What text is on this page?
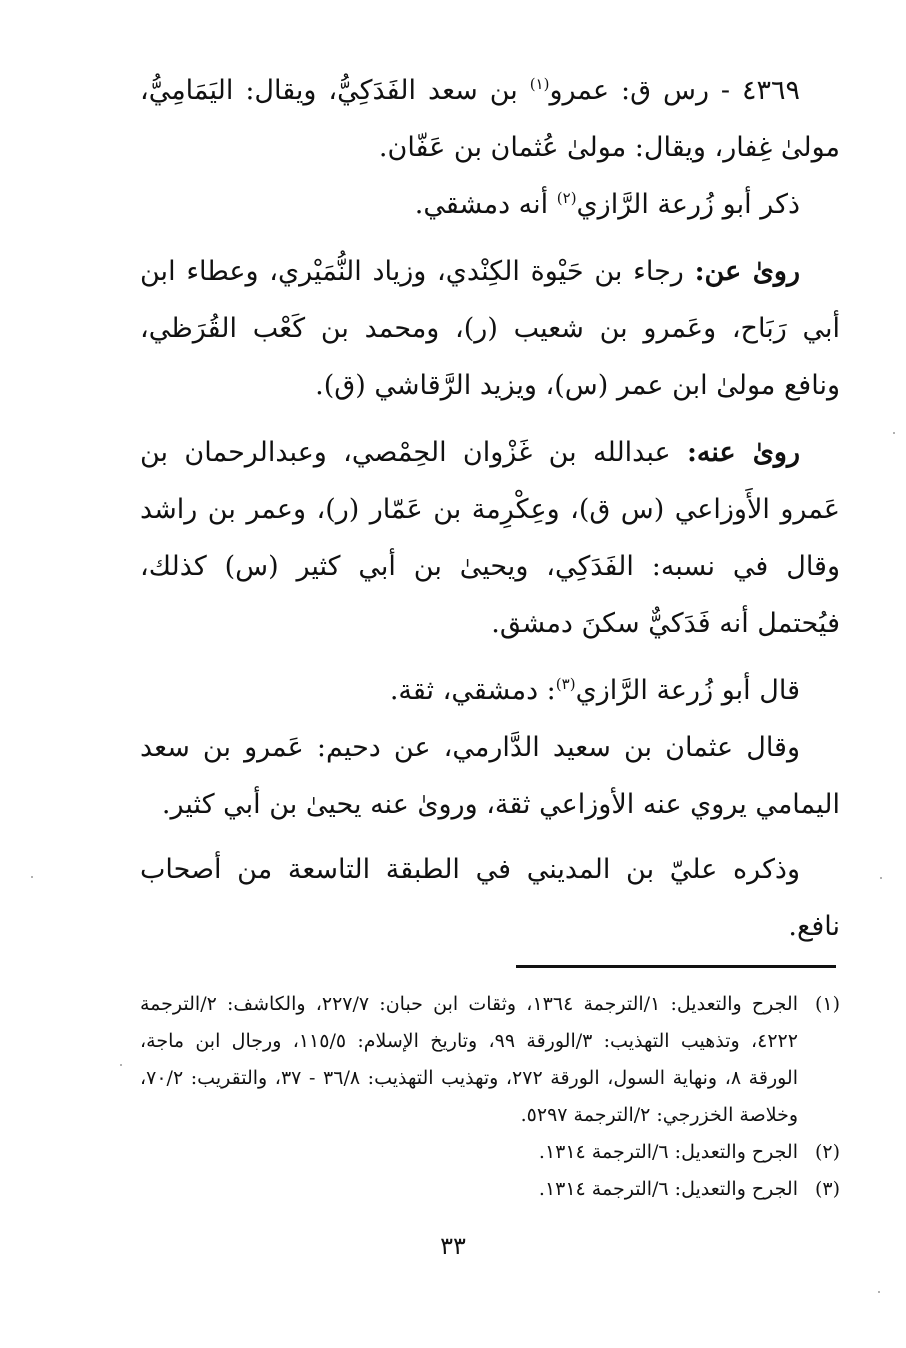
٤٣٦٩ - رس ق: عمرو$^{(١)}$ بن سعد الفَدَكِيُّ، ويقال: اليَمَامِيُّ، مولىٰ غِفار، ويقال: مولىٰ عُثمان بن عَفّان.

ذكر أبو زُرعة الرَّازي$^{(٢)}$ أنه دمشقي.

روىٰ عن: رجاء بن حَيْوة الكِنْدي، وزياد النُّمَيْري، وعطاء ابن أبي رَبَاح، وعَمرو بن شعيب (ر)، ومحمد بن كَعْب القُرَظي، ونافع مولىٰ ابن عمر (س)، ويزيد الرَّقاشي (ق).

روىٰ عنه: عبدالله بن غَزْوان الحِمْصي، وعبدالرحمان بن عَمرو الأَوزاعي (س ق)، وعِكْرِمة بن عَمّار (ر)، وعمر بن راشد وقال في نسبه: الفَدَكِي، ويحيىٰ بن أبي كثير (س) كذلك، فيُحتمل أنه فَدَكيٌّ سكنَ دمشق.

قال أبو زُرعة الرَّازي$^{(٣)}$: دمشقي، ثقة.

وقال عثمان بن سعيد الدَّارمي، عن دحيم: عَمرو بن سعد اليمامي يروي عنه الأوزاعي ثقة، وروىٰ عنه يحيىٰ بن أبي كثير.

وذكره عليّ بن المديني في الطبقة التاسعة من أصحاب نافع.

(١)
الجرح والتعديل: ١/الترجمة ١٣٦٤، وثقات ابن حبان: ٢٢٧/٧، والكاشف: ٢/الترجمة ٤٢٢٢، وتذهيب التهذيب: ٣/الورقة ٩٩، وتاريخ الإسلام: ١١٥/٥، ورجال ابن ماجة، الورقة ٨، ونهاية السول، الورقة ٢٧٢، وتهذيب التهذيب: ٣٦/٨ - ٣٧، والتقريب: ٧٠/٢، وخلاصة الخزرجي: ٢/الترجمة ٥٢٩٧.
(٢)
الجرح والتعديل: ٦/الترجمة ١٣١٤.
(٣)
الجرح والتعديل: ٦/الترجمة ١٣١٤.
٣٣
